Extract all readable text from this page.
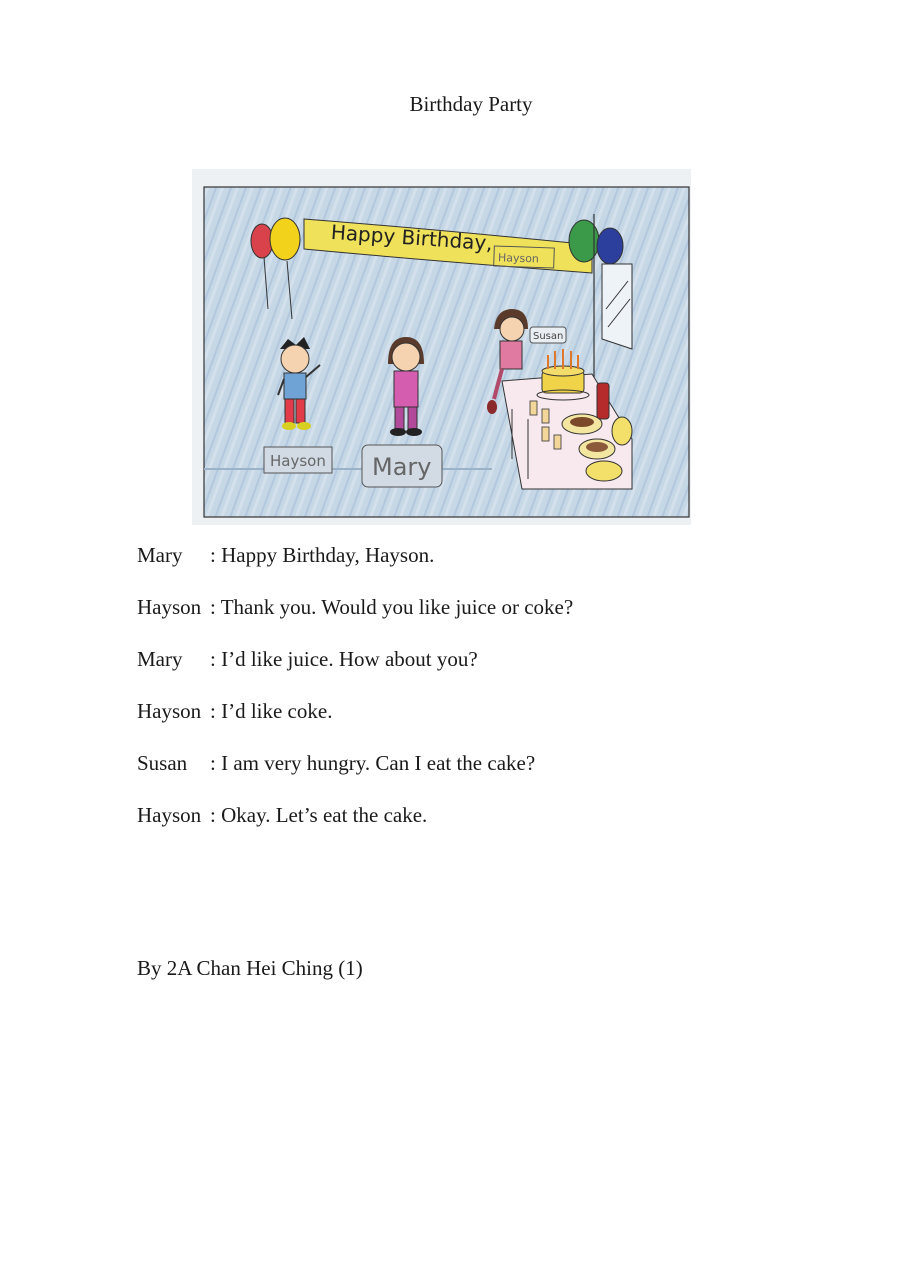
Birthday Party
Happy Birthday,
Hayson
Hayson Mary
Susan
Mary : Happy Birthday, Hayson.
Hayson : Thank you. Would you like juice or coke?
Mary : I’d like juice. How about you?
Hayson : I’d like coke.
Susan : I am very hungry. Can I eat the cake?
Hayson : Okay. Let’s eat the cake.
By 2A Chan Hei Ching (1)
